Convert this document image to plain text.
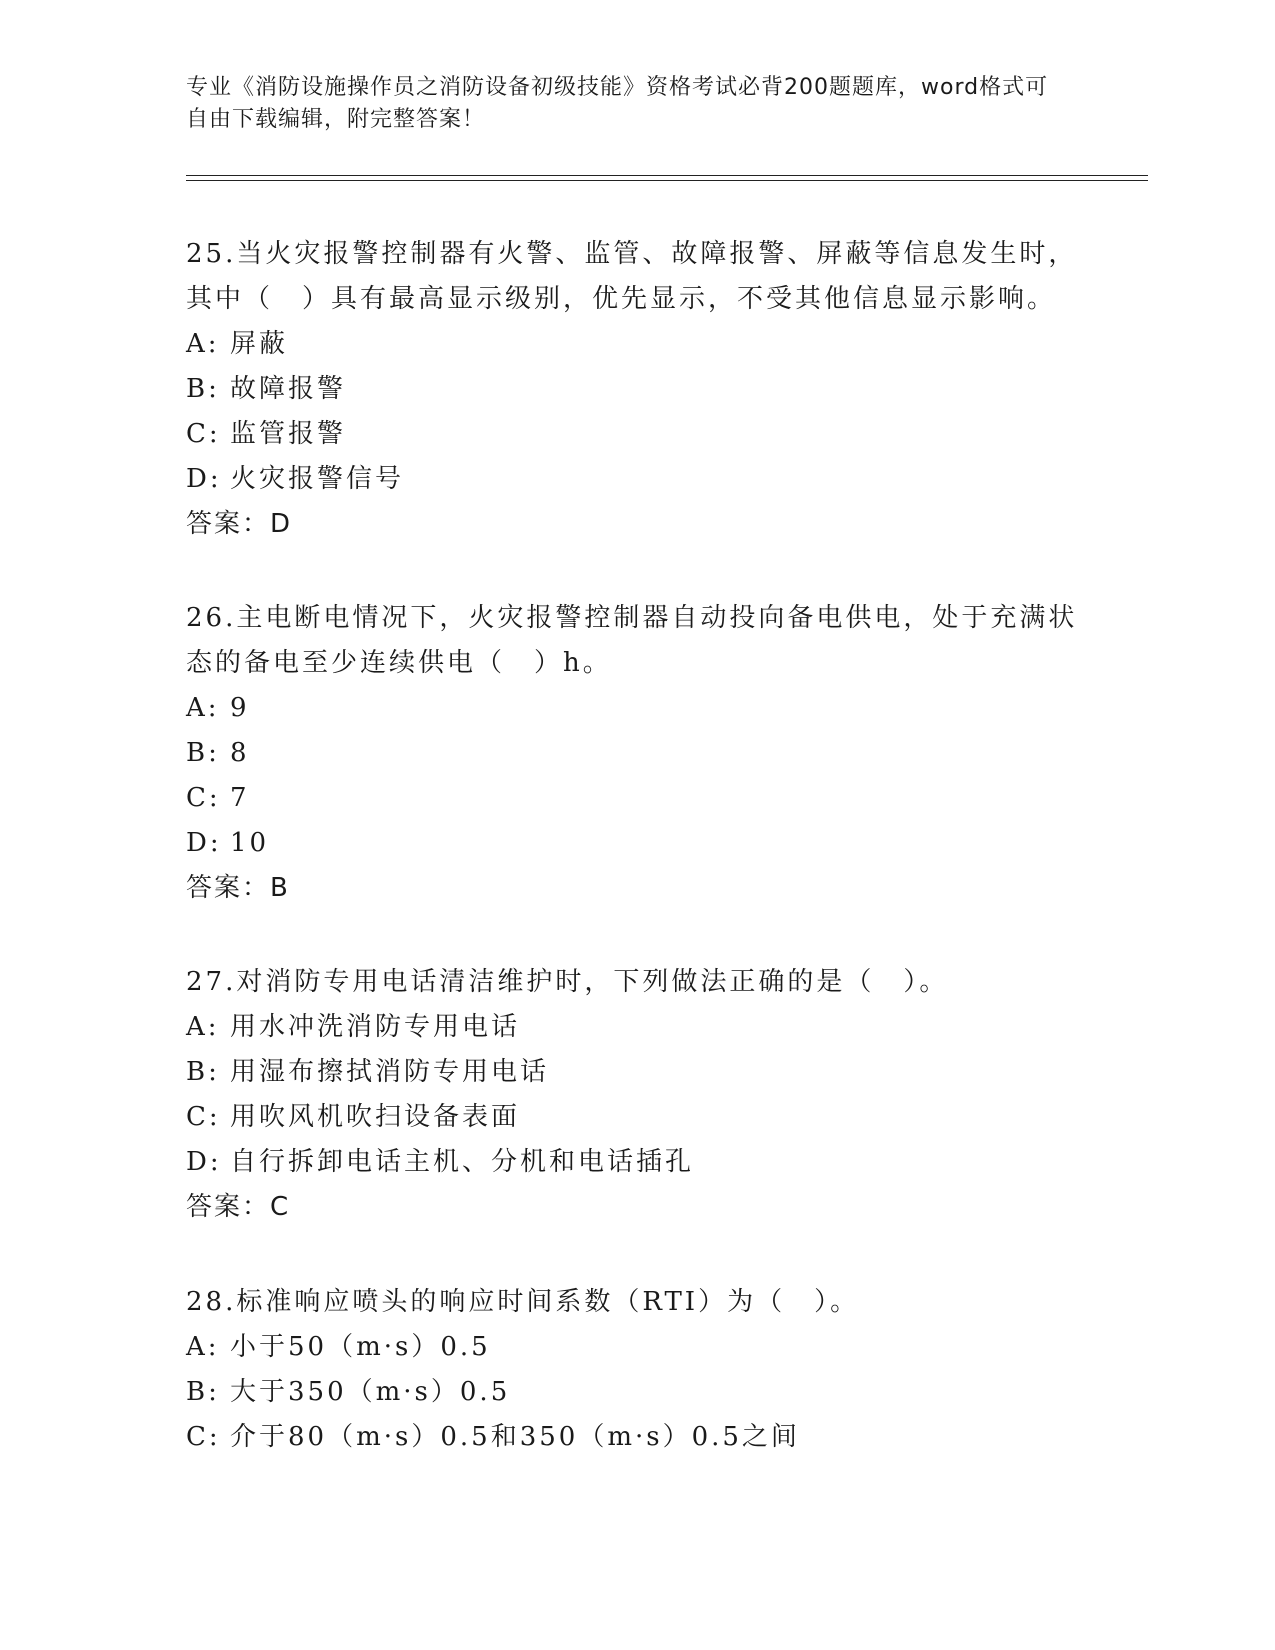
专业《消防设施操作员之消防设备初级技能》资格考试必背200题题库，word格式可自由下载编辑，附完整答案！
25.当火灾报警控制器有火警、监管、故障报警、屏蔽等信息发生时，其中（　）具有最高显示级别，优先显示，不受其他信息显示影响。
A: 屏蔽
B: 故障报警
C: 监管报警
D: 火灾报警信号
答案：D
26.主电断电情况下，火灾报警控制器自动投向备电供电，处于充满状态的备电至少连续供电（　）h。
A: 9
B: 8
C: 7
D: 10
答案：B
27.对消防专用电话清洁维护时，下列做法正确的是（　）。
A: 用水冲洗消防专用电话
B: 用湿布擦拭消防专用电话
C: 用吹风机吹扫设备表面
D: 自行拆卸电话主机、分机和电话插孔
答案：C
28.标准响应喷头的响应时间系数（RTI）为（　）。
A: 小于50（m·s）0.5
B: 大于350（m·s）0.5
C: 介于80（m·s）0.5和350（m·s）0.5之间
